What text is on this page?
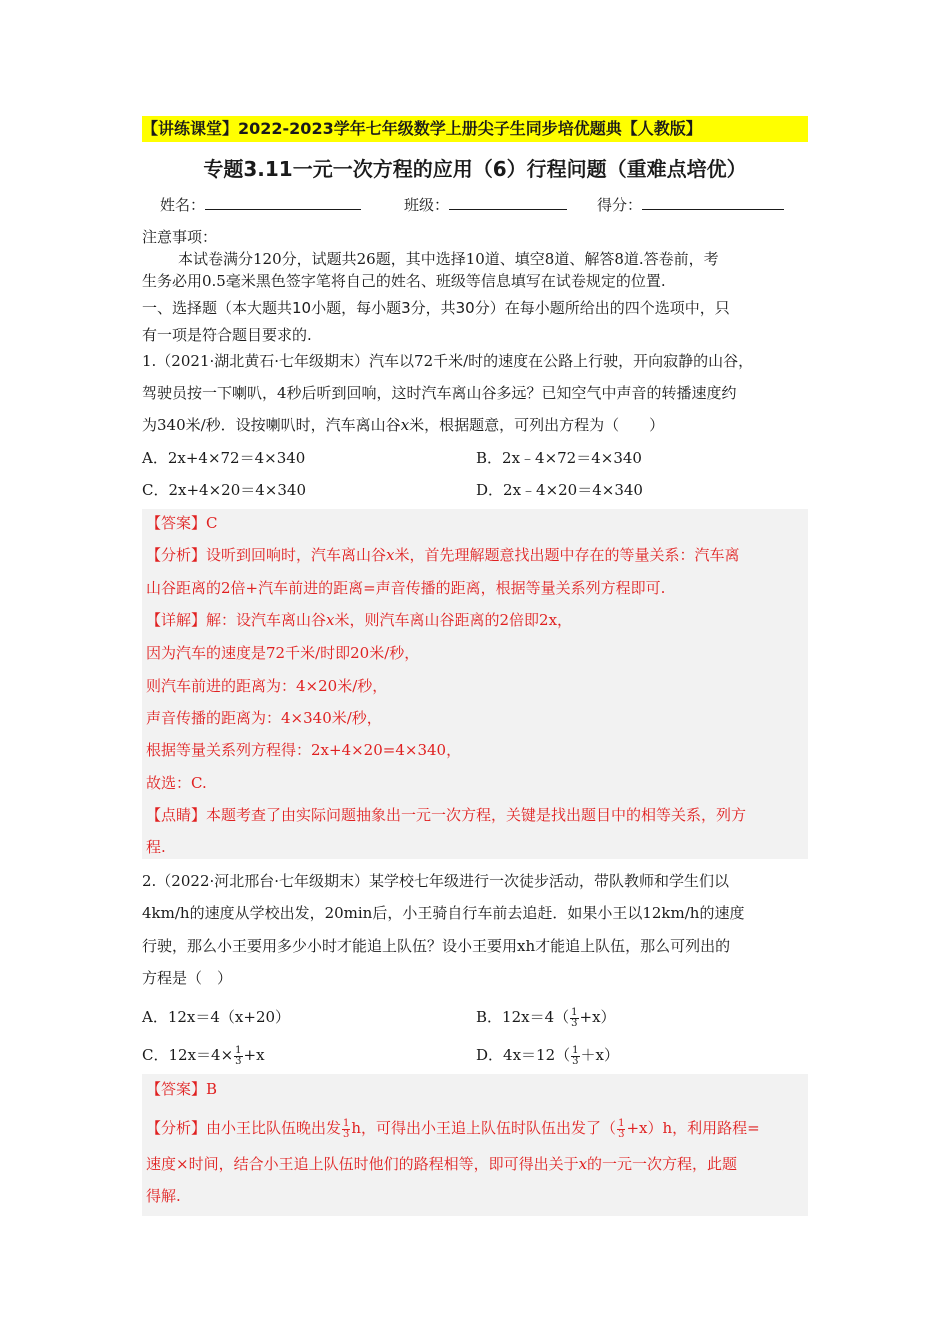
【讲练课堂】2022-2023学年七年级数学上册尖子生同步培优题典【人教版】
专题3.11一元一次方程的应用（6）行程问题（重难点培优）
姓名：	班级：	得分：
注意事项：
本试卷满分120分，试题共26题，其中选择10道、填空8道、解答8道.答卷前，考
生务必用0.5毫米黑色签字笔将自己的姓名、班级等信息填写在试卷规定的位置.
一、选择题（本大题共10小题，每小题3分，共30分）在每小题所给出的四个选项中，只
有一项是符合题目要求的.
1.（2021·湖北黄石·七年级期末）汽车以72千米/时的速度在公路上行驶，开向寂静的山谷，
驾驶员按一下喇叭，4秒后听到回响，这时汽车离山谷多远？已知空气中声音的转播速度约
为340米/秒．设按喇叭时，汽车离山谷x米，根据题意，可列出方程为（　　）
A．2x+4×72＝4×340	B．2x﹣4×72＝4×340
C．2x+4×20＝4×340	D．2x﹣4×20＝4×340
【答案】C
【分析】设听到回响时，汽车离山谷x米，首先理解题意找出题中存在的等量关系：汽车离
山谷距离的2倍+汽车前进的距离=声音传播的距离，根据等量关系列方程即可.
【详解】解：设汽车离山谷x米，则汽车离山谷距离的2倍即2x，
因为汽车的速度是72千米/时即20米/秒，
则汽车前进的距离为：4×20米/秒，
声音传播的距离为：4×340米/秒，
根据等量关系列方程得：2x+4×20=4×340，
故选：C.
【点睛】本题考查了由实际问题抽象出一元一次方程，关键是找出题目中的相等关系，列方
程.
2.（2022·河北邢台·七年级期末）某学校七年级进行一次徒步活动，带队教师和学生们以
4km/h的速度从学校出发，20min后，小王骑自行车前去追赶．如果小王以12km/h的速度
行驶，那么小王要用多少小时才能追上队伍？设小王要用xh才能追上队伍，那么可列出的
方程是（　）
A．12x＝4（x+20）	B．$12x=4( \frac{1}{3} +x)$
C．$12x=4\times \frac{1}{3} +x$	D．$4x=12( \frac{1}{3} +x)$
【答案】B
【分析】由小王比队伍晚出发 $\frac{1}{3}$ h，可得出小王追上队伍时队伍出发了（ $\frac{1}{3} +x)h$，利用路程=
速度×时间，结合小王追上队伍时他们的路程相等，即可得出关于x的一元一次方程，此题
得解.
